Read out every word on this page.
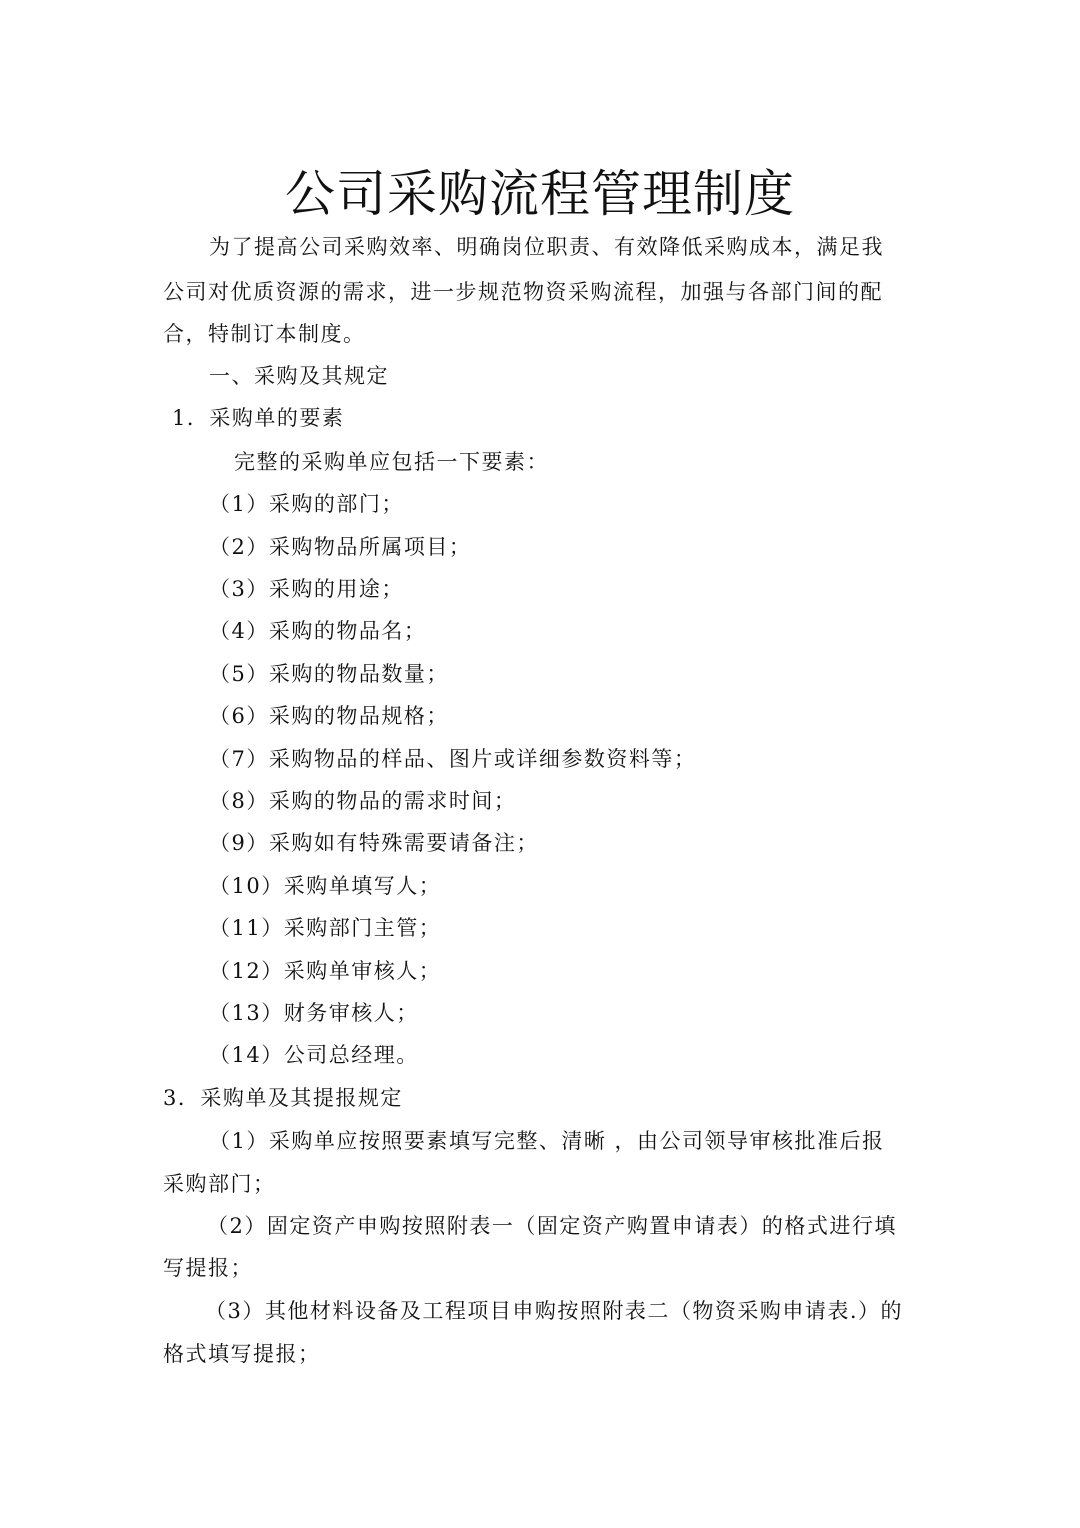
公司采购流程管理制度
为了提高公司采购效率、明确岗位职责、有效降低采购成本，满足我
公司对优质资源的需求，进一步规范物资采购流程，加强与各部门间的配
合，特制订本制度。
一、采购及其规定
1．采购单的要素
完整的采购单应包括一下要素：
（1）采购的部门；
（2）采购物品所属项目；
（3）采购的用途；
（4）采购的物品名；
（5）采购的物品数量；
（6）采购的物品规格；
（7）采购物品的样品、图片或详细参数资料等；
（8）采购的物品的需求时间；
（9）采购如有特殊需要请备注；
（10）采购单填写人；
（11）采购部门主管；
（12）采购单审核人；
（13）财务审核人；
（14）公司总经理。
3．采购单及其提报规定
（1）采购单应按照要素填写完整、清晰 ，由公司领导审核批准后报
采购部门；
（2）固定资产申购按照附表一（固定资产购置申请表）的格式进行填
写提报；
（3）其他材料设备及工程项目申购按照附表二（物资采购申请表.）的
格式填写提报；
